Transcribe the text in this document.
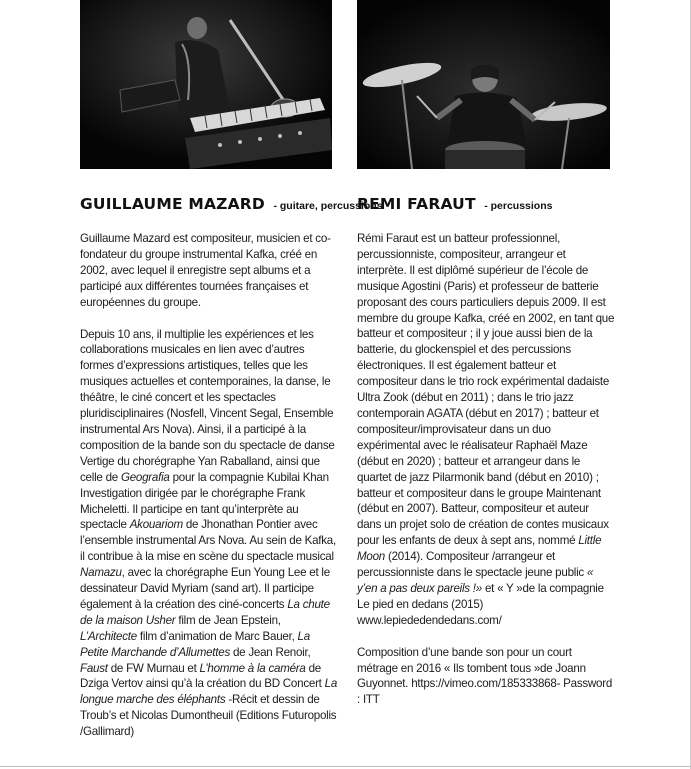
GUILLAUME MAZARD - guitare, percussions

Guillaume Mazard est compositeur, musicien et co-fondateur du groupe instrumental Kafka, créé en 2002, avec lequel il enregistre sept albums et a participé aux différentes tournées françaises et européennes du groupe.

Depuis 10 ans, il multiplie les expériences et les collaborations musicales en lien avec d’autres formes d’expressions artistiques, telles que les musiques actuelles et contemporaines, la danse, le théâtre, le ciné concert et les spectacles pluridisciplinaires (Nosfell, Vincent Segal, Ensemble instrumental Ars Nova). Ainsi, il a participé à la composition de la bande son du spectacle de danse Vertige du chorégraphe Yan Raballand, ainsi que celle de Geografia pour la compagnie Kubilai Khan Investigation dirigée par le chorégraphe Frank Micheletti. Il participe en tant qu’interprète au spectacle Akouariom de Jhonathan Pontier avec l’ensemble instrumental Ars Nova. Au sein de Kafka, il contribue à la mise en scène du spectacle musical Namazu, avec la chorégraphe Eun Young Lee et le dessinateur David Myriam (sand art). Il participe également à la création des ciné-concerts La chute de la maison Usher film de Jean Epstein, L’Architecte film d’animation de Marc Bauer, La Petite Marchande d’Allumettes de Jean Renoir, Faust de FW Murnau et L’homme à la caméra de Dziga Vertov ainsi qu’à la création du BD Concert La longue marche des éléphants -Récit et dessin de Troub’s et Nicolas Dumontheuil (Editions Futuropolis /Gallimard)

REMI FARAUT - percussions

Rémi Faraut est un batteur professionnel, percussionniste, compositeur, arrangeur et interprète. Il est diplômé supérieur de l’école de musique Agostini (Paris) et professeur de batterie proposant des cours particuliers depuis 2009. Il est membre du groupe Kafka, créé en 2002, en tant que batteur et compositeur ; il y joue aussi bien de la batterie, du glockenspiel et des percussions électroniques. Il est également batteur et compositeur dans le trio rock expérimental dadaiste Ultra Zook (début en 2011) ; dans le trio jazz contemporain AGATA (début en 2017) ; batteur et compositeur/improvisateur dans un duo expérimental avec le réalisateur Raphaël Maze (début en 2020) ; batteur et arrangeur dans le quartet de jazz Pilarmonik band (début en 2010) ; batteur et compositeur dans le groupe Maintenant (début en 2007). Batteur, compositeur et auteur dans un projet solo de création de contes musicaux pour les enfants de deux à sept ans, nommé Little Moon (2014). Compositeur /arrangeur et percussionniste dans le spectacle jeune public « y’en a pas deux pareils !» et « Y »de la compagnie Le pied en dedans (2015) www.lepiededendedans.com/

Composition d’une bande son pour un court métrage en 2016 « Ils tombent tous »de Joann Guyonnet. https://vimeo.com/185333868- Password : ITT
